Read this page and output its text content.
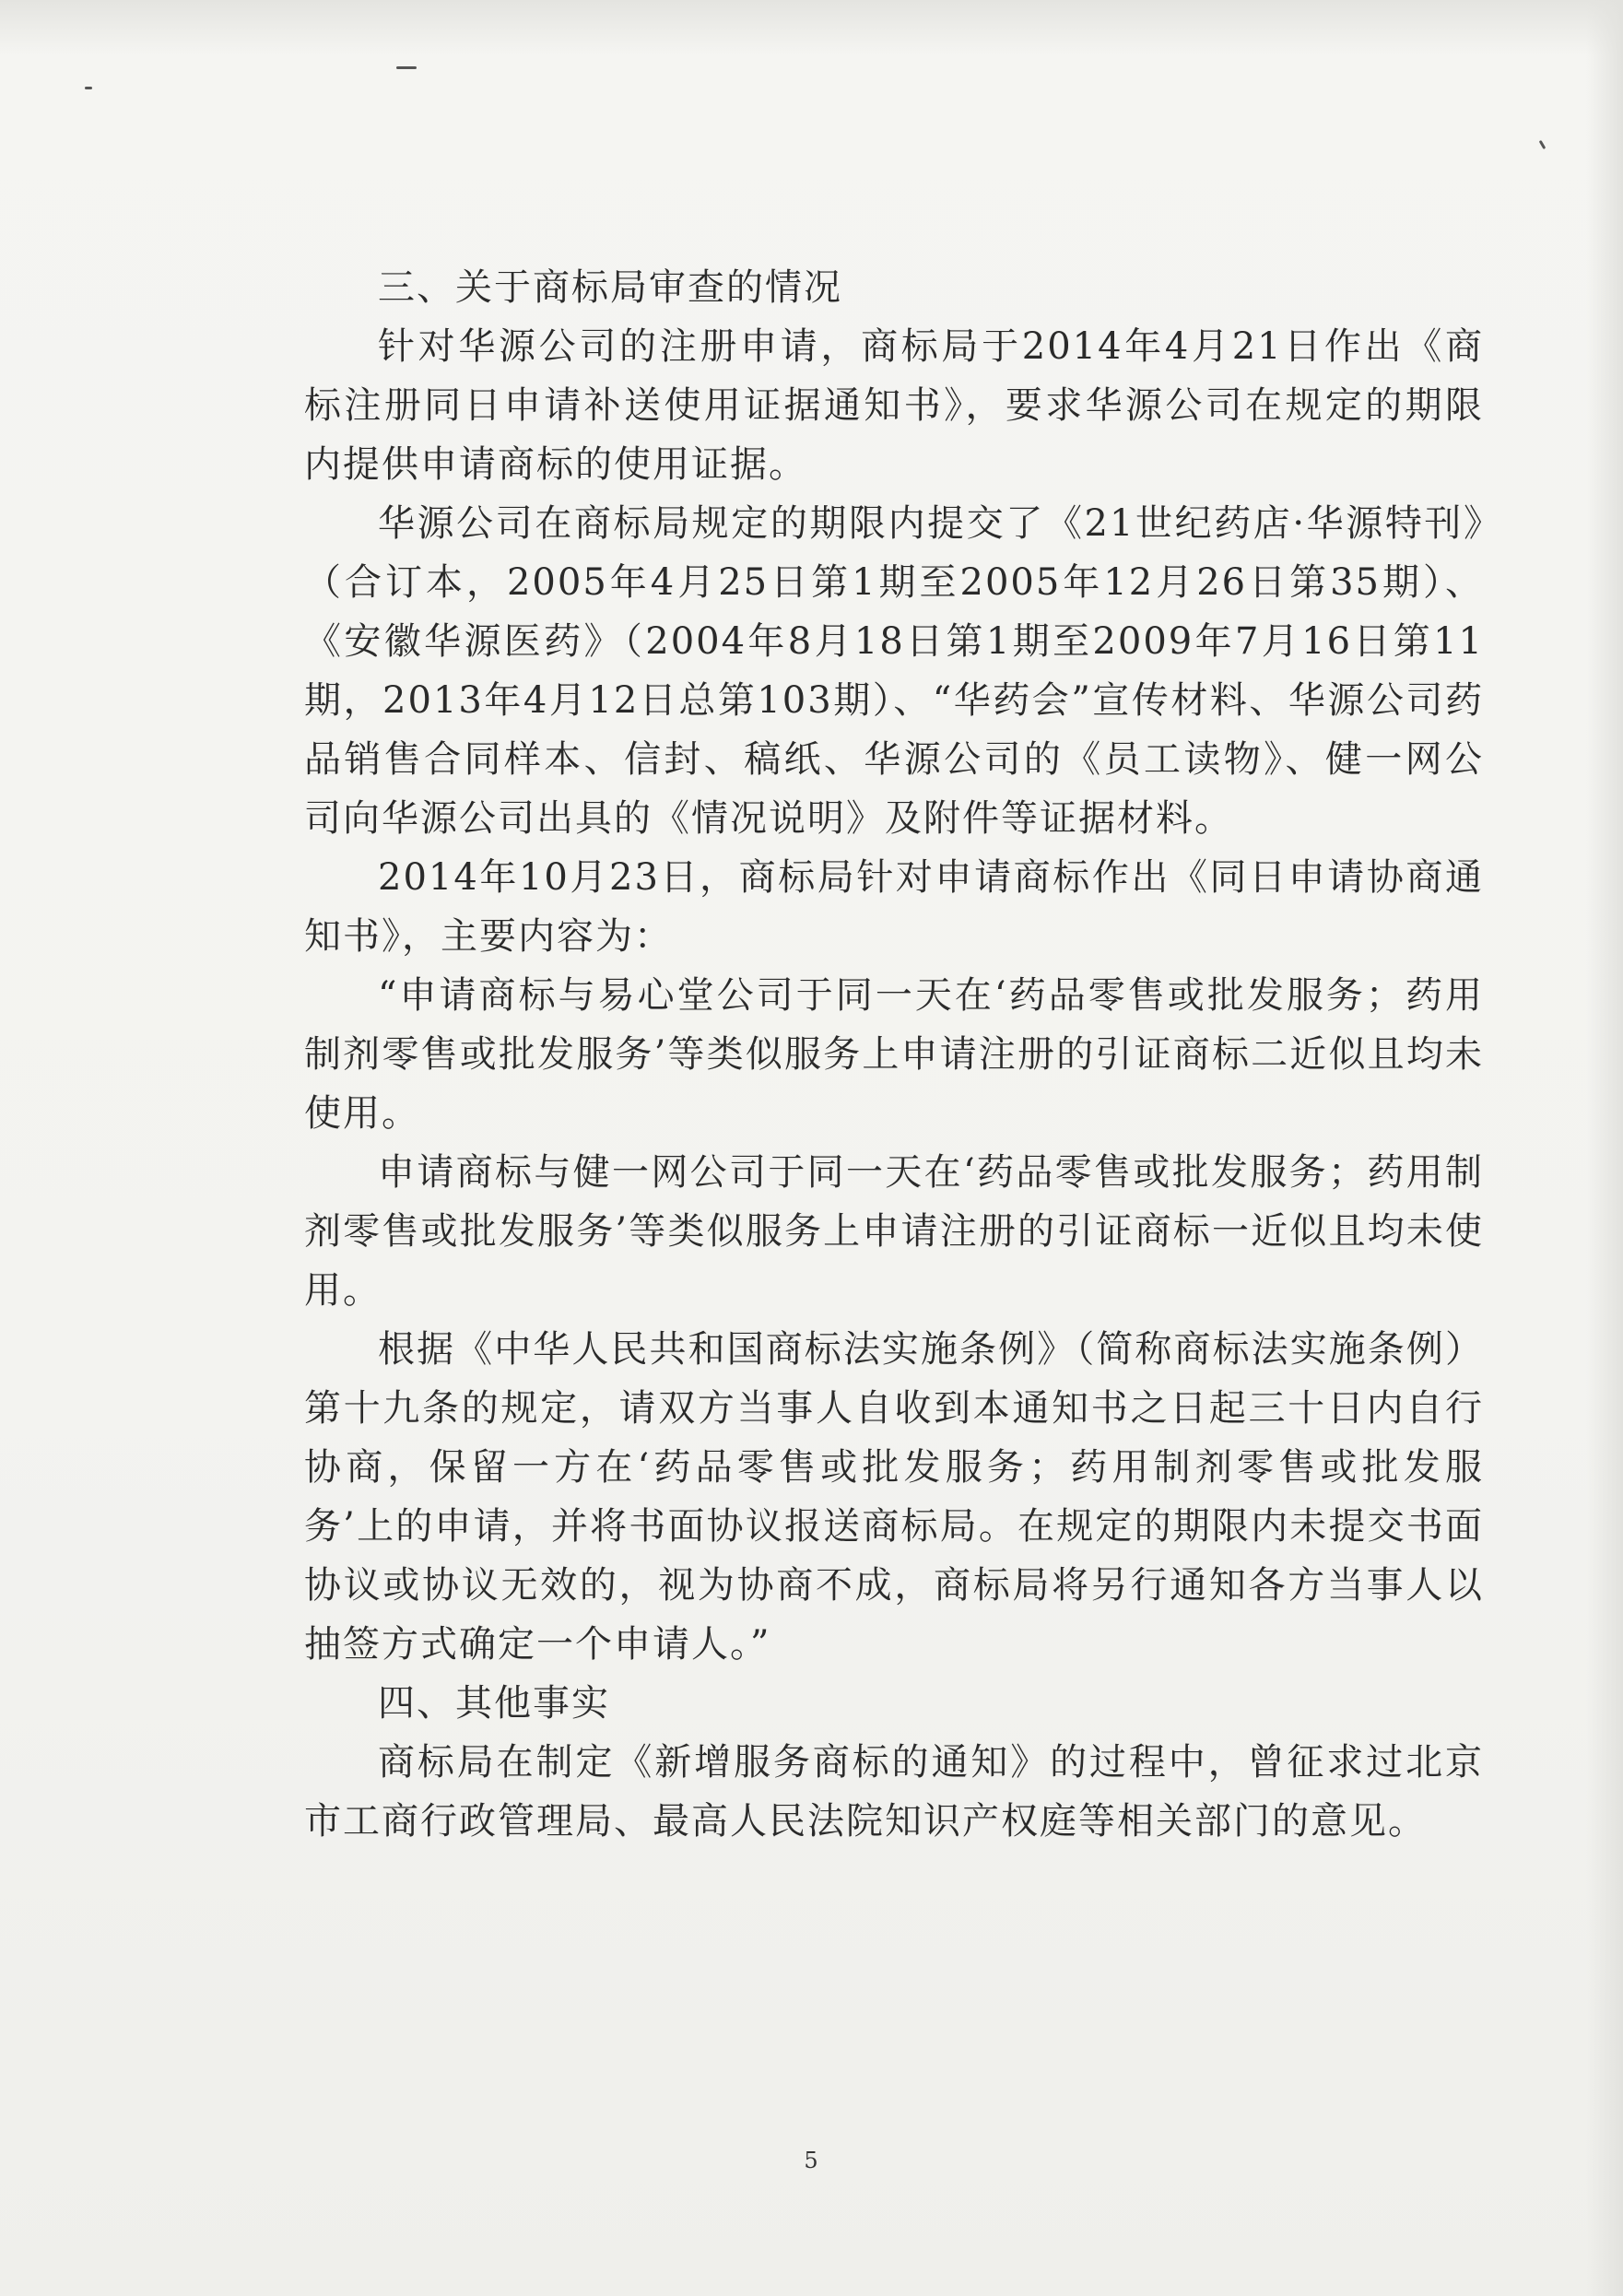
三、关于商标局审查的情况

针对华源公司的注册申请，商标局于2014年4月21日作出《商标注册同日申请补送使用证据通知书》，要求华源公司在规定的期限内提供申请商标的使用证据。

华源公司在商标局规定的期限内提交了《21世纪药店·华源特刊》（合订本，2005年4月25日第1期至2005年12月26日第35期）、《安徽华源医药》（2004年8月18日第1期至2009年7月16日第11期，2013年4月12日总第103期）、“华药会”宣传材料、华源公司药品销售合同样本、信封、稿纸、华源公司的《员工读物》、健一网公司向华源公司出具的《情况说明》及附件等证据材料。

2014年10月23日，商标局针对申请商标作出《同日申请协商通知书》，主要内容为：

“申请商标与易心堂公司于同一天在‘药品零售或批发服务；药用制剂零售或批发服务’等类似服务上申请注册的引证商标二近似且均未使用。

申请商标与健一网公司于同一天在‘药品零售或批发服务；药用制剂零售或批发服务’等类似服务上申请注册的引证商标一近似且均未使用。

根据《中华人民共和国商标法实施条例》（简称商标法实施条例）第十九条的规定，请双方当事人自收到本通知书之日起三十日内自行协商，保留一方在‘药品零售或批发服务；药用制剂零售或批发服务’上的申请，并将书面协议报送商标局。在规定的期限内未提交书面协议或协议无效的，视为协商不成，商标局将另行通知各方当事人以抽签方式确定一个申请人。”

四、其他事实

商标局在制定《新增服务商标的通知》的过程中，曾征求过北京市工商行政管理局、最高人民法院知识产权庭等相关部门的意见。

5
